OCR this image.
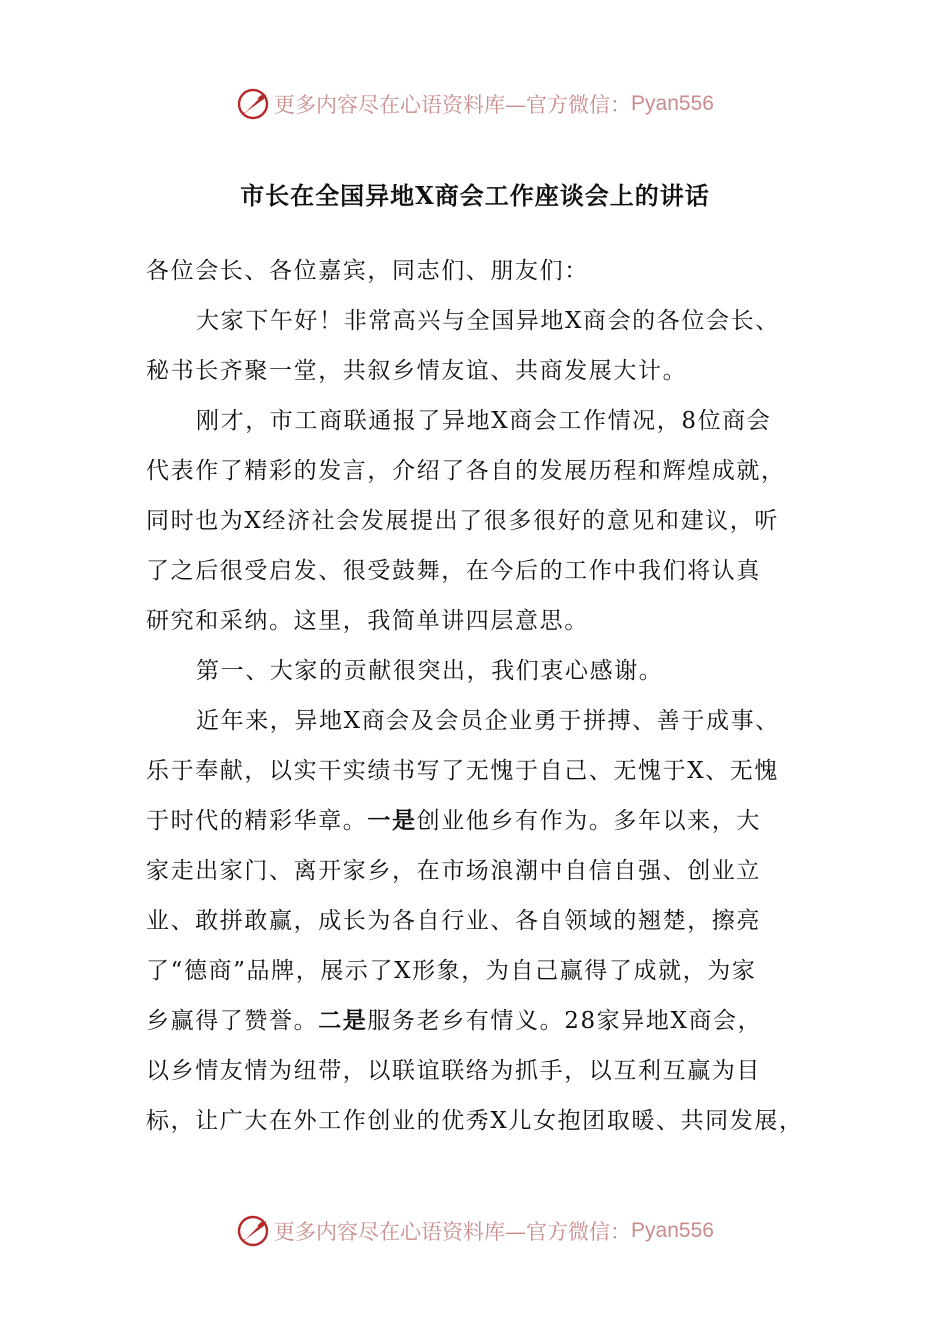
更多内容尽在心语资料库—官方微信： Pyan556
市长在全国异地X商会工作座谈会上的讲话
各位会长、各位嘉宾，同志们、朋友们：
大家下午好！非常高兴与全国异地X商会的各位会长、
秘书长齐聚一堂，共叙乡情友谊、共商发展大计。
刚才，市工商联通报了异地X商会工作情况，8位商会
代表作了精彩的发言，介绍了各自的发展历程和辉煌成就，
同时也为X经济社会发展提出了很多很好的意见和建议，听
了之后很受启发、很受鼓舞，在今后的工作中我们将认真
研究和采纳。这里，我简单讲四层意思。
第一、大家的贡献很突出，我们衷心感谢。
近年来，异地X商会及会员企业勇于拼搏、善于成事、
乐于奉献，以实干实绩书写了无愧于自己、无愧于X、无愧
于时代的精彩华章。一是创业他乡有作为。多年以来，大
家走出家门、离开家乡，在市场浪潮中自信自强、创业立
业、敢拼敢赢，成长为各自行业、各自领域的翘楚，擦亮
了“德商”品牌，展示了X形象，为自己赢得了成就，为家
乡赢得了赞誉。二是服务老乡有情义。28家异地X商会，
以乡情友情为纽带，以联谊联络为抓手，以互利互赢为目
标，让广大在外工作创业的优秀X儿女抱团取暖、共同发展，
更多内容尽在心语资料库—官方微信： Pyan556
